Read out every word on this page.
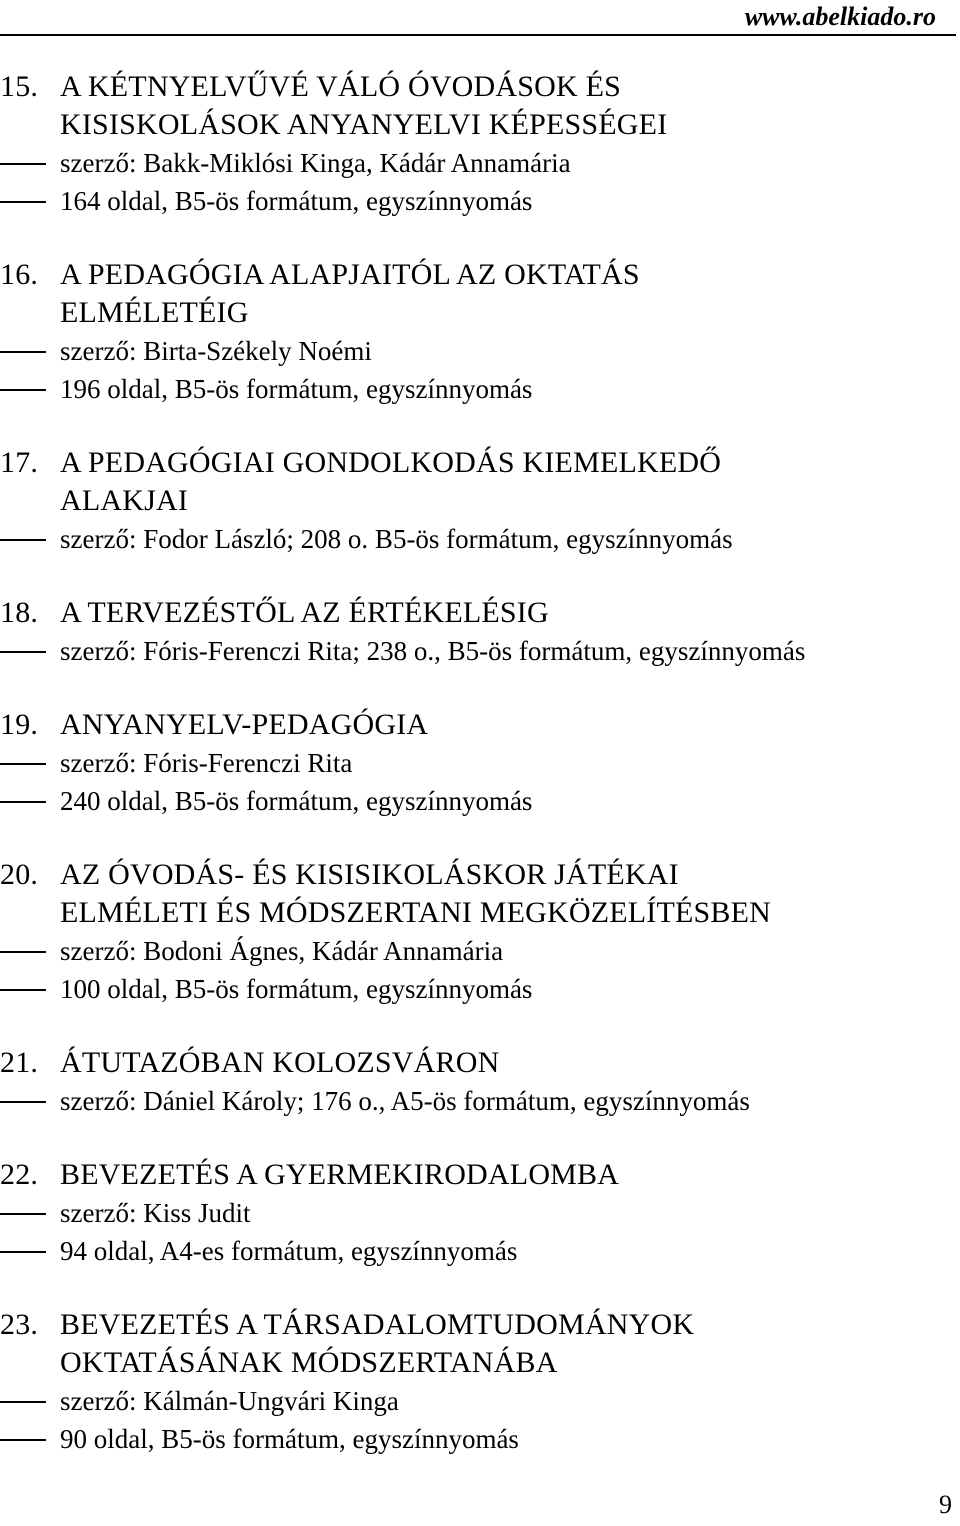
www.abelkiado.ro
15. A KÉTNYELVŰVÉ VÁLÓ ÓVODÁSOK ÉS
KISISKOLÁSOK ANYANYELVI KÉPESSÉGEI
szerző: Bakk-Miklósi Kinga, Kádár Annamária
164 oldal, B5-ös formátum, egyszínnyomás
16. A PEDAGÓGIA ALAPJAITÓL AZ OKTATÁS
ELMÉLETÉIG
szerző: Birta-Székely Noémi
196 oldal, B5-ös formátum, egyszínnyomás
17. A PEDAGÓGIAI GONDOLKODÁS KIEMELKEDŐ
ALAKJAI
szerző: Fodor László; 208 o. B5-ös formátum, egyszínnyomás
18. A TERVEZÉSTŐL AZ ÉRTÉKELÉSIG
szerző: Fóris-Ferenczi Rita; 238 o., B5-ös formátum, egyszínnyomás
19. ANYANYELV-PEDAGÓGIA
szerző: Fóris-Ferenczi Rita
240 oldal, B5-ös formátum, egyszínnyomás
20. AZ ÓVODÁS- ÉS KISISIKOLÁSKOR JÁTÉKAI
ELMÉLETI ÉS MÓDSZERTANI MEGKÖZELÍTÉSBEN
szerző: Bodoni Ágnes, Kádár Annamária
100 oldal, B5-ös formátum, egyszínnyomás
21. ÁTUTAZÓBAN KOLOZSVÁRON
szerző: Dániel Károly; 176 o., A5-ös formátum, egyszínnyomás
22. BEVEZETÉS A GYERMEKIRODALOMBA
szerző: Kiss Judit
94 oldal, A4-es formátum, egyszínnyomás
23. BEVEZETÉS A TÁRSADALOMTUDOMÁNYOK
OKTATÁSÁNAK MÓDSZERTANÁBA
szerző: Kálmán-Ungvári Kinga
90 oldal, B5-ös formátum, egyszínnyomás
9
